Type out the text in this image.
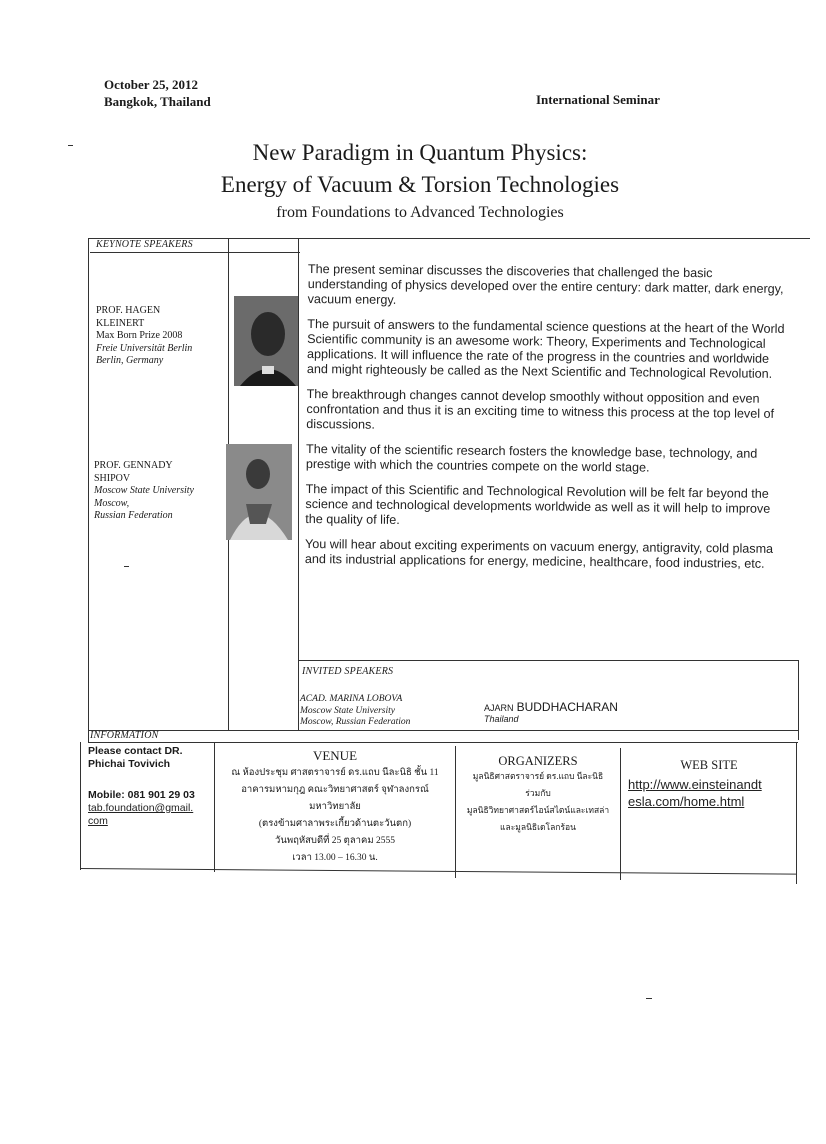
October 25, 2012
Bangkok, Thailand	International Seminar
New Paradigm in Quantum Physics:
Energy of Vacuum & Torsion Technologies
from Foundations to Advanced Technologies
KEYNOTE SPEAKERS
PROF. HAGEN
KLEINERT
Max Born Prize 2008
Freie Universität Berlin
Berlin, Germany
PROF. GENNADY
SHIPOV
Moscow State University
Moscow,
Russian Federation

The present seminar discusses the discoveries that challenged the basic understanding of physics developed over the entire century: dark matter, dark energy, vacuum energy.

The pursuit of answers to the fundamental science questions at the heart of the World Scientific community is an awesome work: Theory, Experiments and Technological applications. It will influence the rate of the progress in the countries and worldwide and might righteously be called as the Next Scientific and Technological Revolution.

The breakthrough changes cannot develop smoothly without opposition and even confrontation and thus it is an exciting time to witness this process at the top level of discussions.

The vitality of the scientific research fosters the knowledge base, technology, and prestige with which the countries compete on the world stage.

The impact of this Scientific and Technological Revolution will be felt far beyond the science and technological developments worldwide as well as it will help to improve the quality of life.

You will hear about exciting experiments on vacuum energy, antigravity, cold plasma and its industrial applications for energy, medicine, healthcare, food industries, etc.

INVITED SPEAKERS
ACAD. MARINA LOBOVA
Moscow State University
Moscow, Russian Federation
AJARN BUDDHACHARAN
Thailand
INFORMATION
Please contact DR.
Phichai Tovivich
Mobile: 081 901 29 03
tab.foundation@gmail.
com
VENUE
ณ ห้องประชุม ศาสตราจารย์ ดร.แถบ นีละนิธิ ชั้น 11
อาคารมหามกุฎ คณะวิทยาศาสตร์ จุฬาลงกรณ์มหาวิทยาลัย
(ตรงข้ามศาลาพระเกี้ยวด้านตะวันตก)
วันพฤหัสบดีที่ 25 ตุลาคม 2555
เวลา 13.00 – 16.30 น.
ORGANIZERS
มูลนิธิศาสตราจารย์ ดร.แถบ นีละนิธิ
ร่วมกับ
มูลนิธิวิทยาศาสตร์ไอน์สไตน์และเทสล่า
และมูลนิธิเดโลกร้อน
WEB SITE
http://www.einsteinandt
esla.com/home.html
